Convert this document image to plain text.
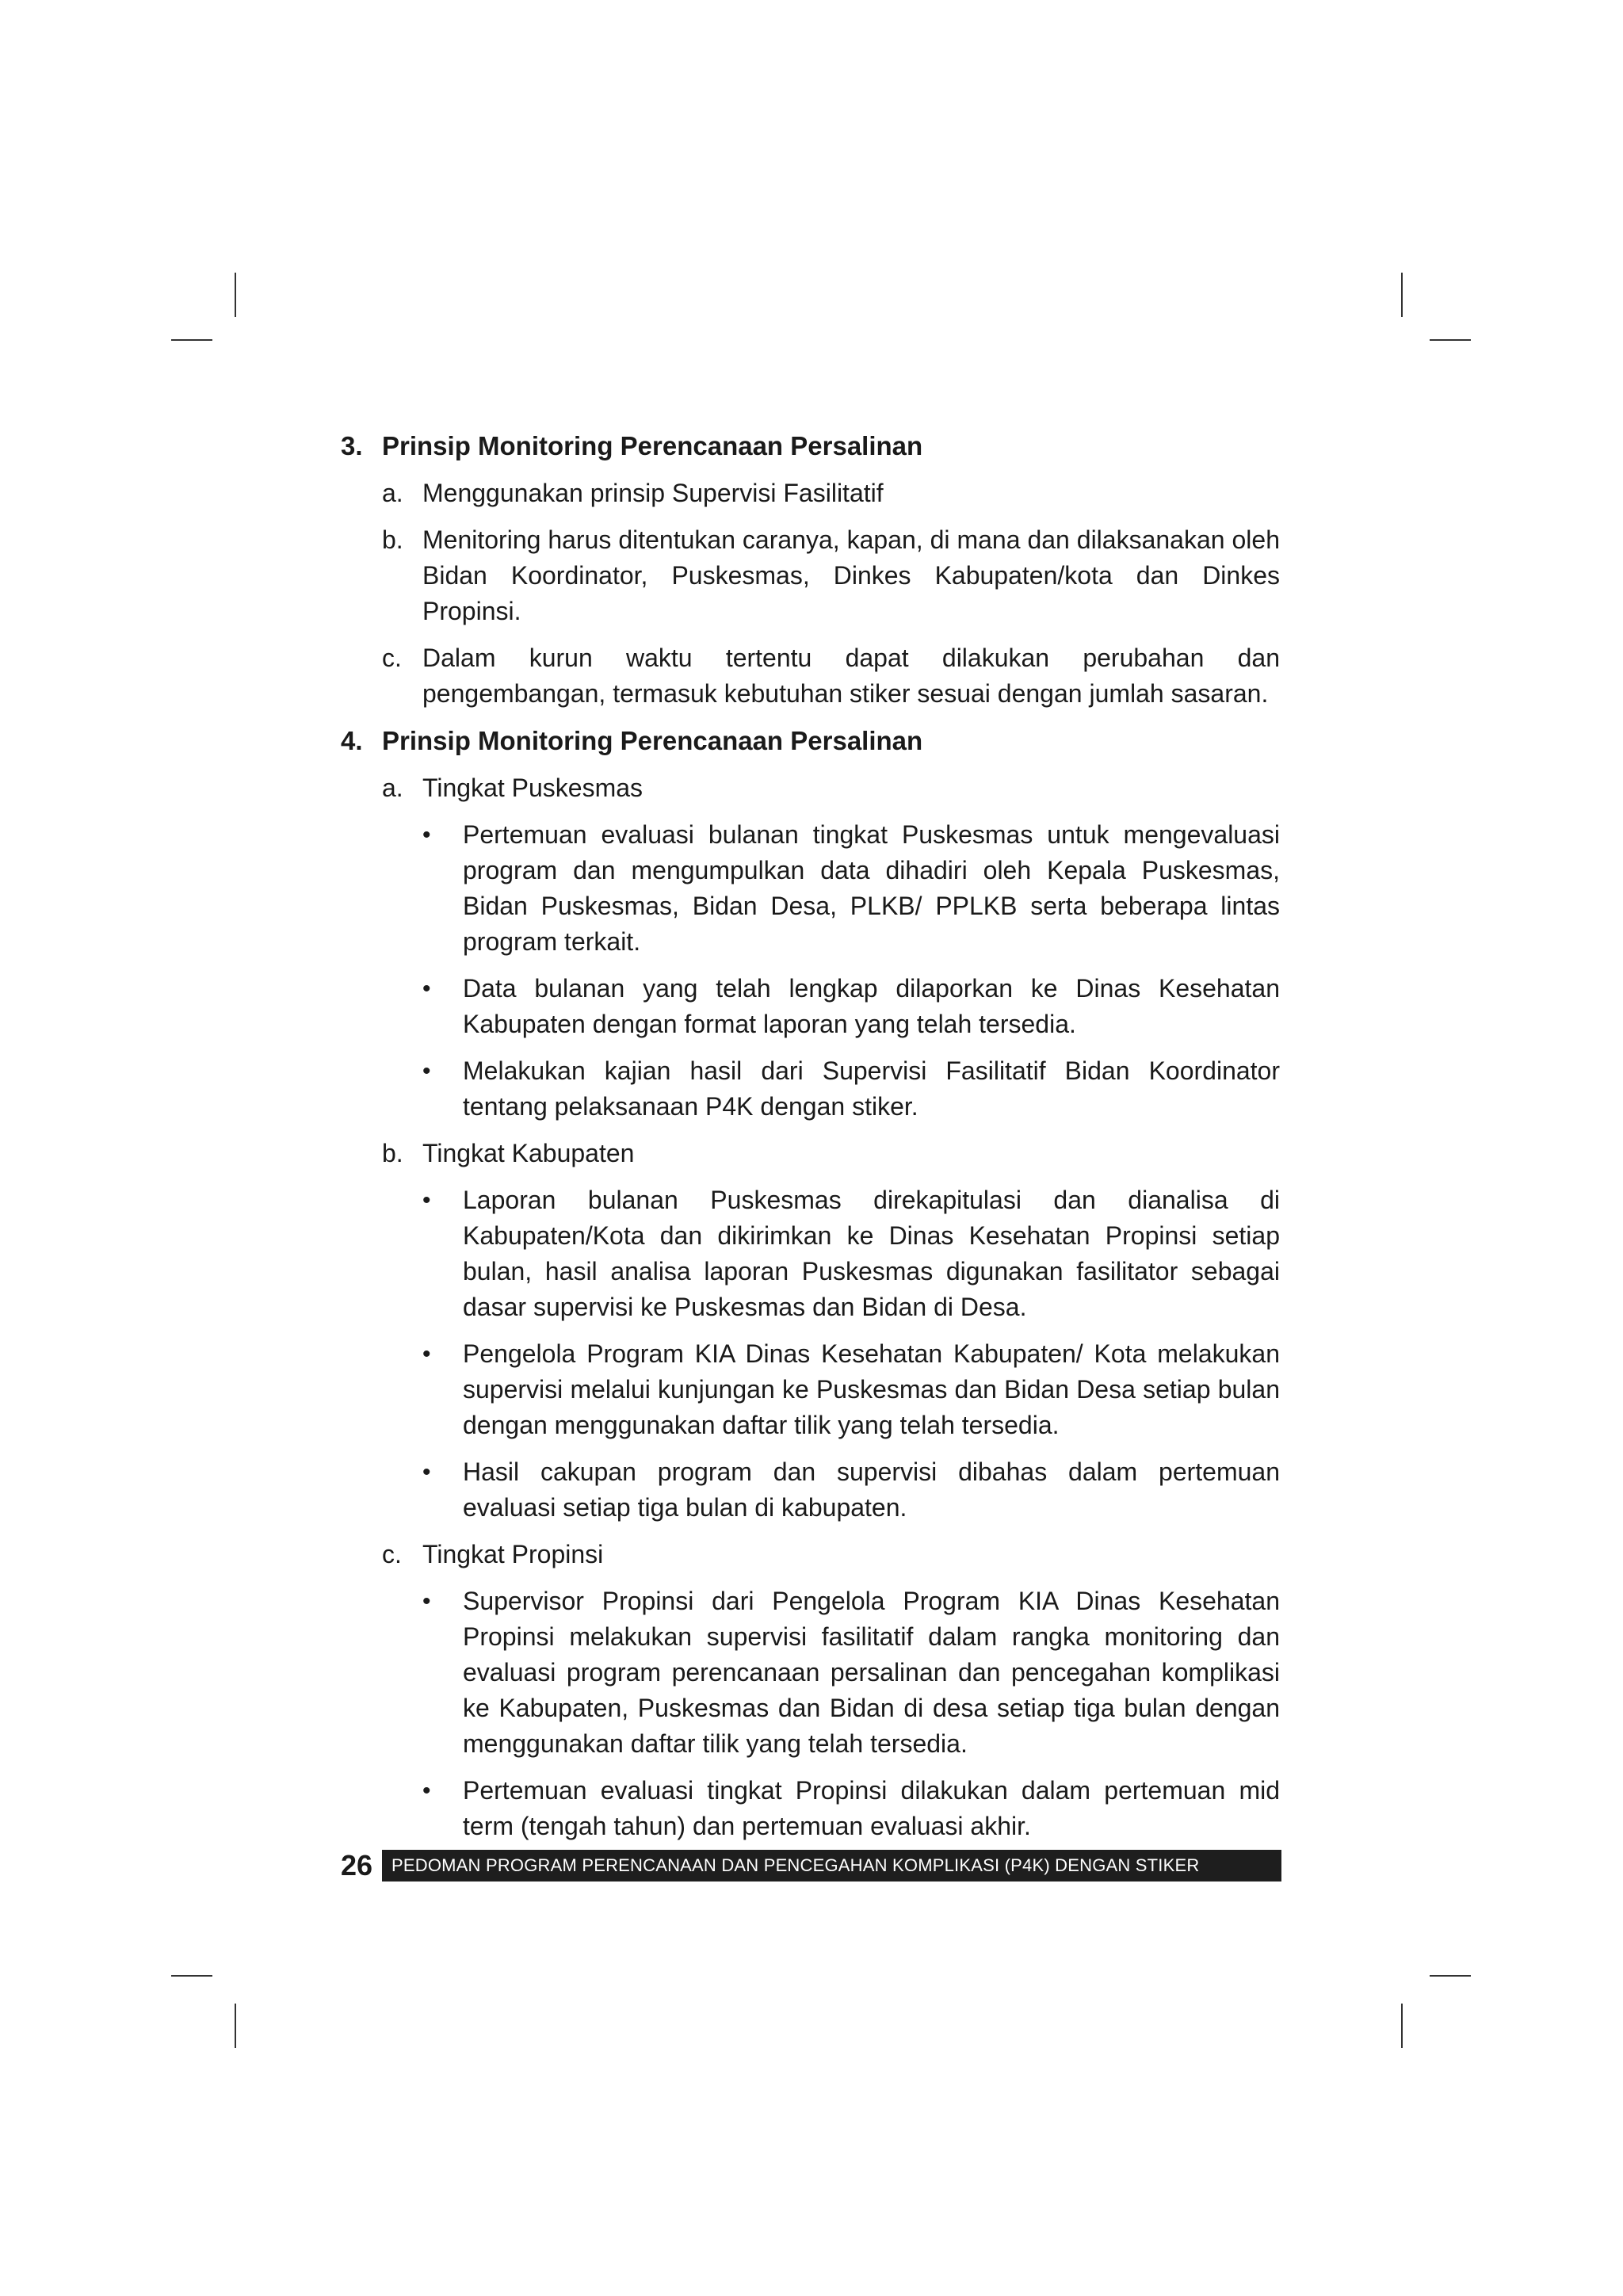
3. Prinsip Monitoring Perencanaan Persalinan
a. Menggunakan prinsip Supervisi Fasilitatif
b. Menitoring harus ditentukan caranya, kapan, di mana dan dilaksanakan oleh Bidan Koordinator, Puskesmas, Dinkes Kabupaten/kota dan Dinkes Propinsi.
c. Dalam kurun waktu tertentu dapat dilakukan perubahan dan pengembangan, termasuk kebutuhan stiker sesuai dengan jumlah sasaran.
4. Prinsip Monitoring Perencanaan Persalinan
a. Tingkat Puskesmas
•	Pertemuan evaluasi bulanan tingkat Puskesmas untuk mengevaluasi program dan mengumpulkan data dihadiri oleh Kepala Puskesmas, Bidan Puskesmas, Bidan Desa, PLKB/ PPLKB serta beberapa lintas program terkait.
•	Data bulanan yang telah lengkap dilaporkan ke Dinas Kesehatan Kabupaten dengan format laporan yang telah tersedia.
•	Melakukan kajian hasil dari Supervisi Fasilitatif Bidan Koordinator tentang pelaksanaan P4K dengan stiker.
b. Tingkat Kabupaten
•	Laporan bulanan Puskesmas direkapitulasi dan dianalisa di Kabupaten/Kota dan dikirimkan ke Dinas Kesehatan Propinsi setiap bulan, hasil analisa laporan Puskesmas digunakan fasilitator sebagai dasar supervisi ke Puskesmas dan Bidan di Desa.
•	Pengelola Program KIA Dinas Kesehatan Kabupaten/ Kota melakukan supervisi melalui kunjungan ke Puskesmas dan Bidan Desa setiap bulan dengan menggunakan daftar tilik yang telah tersedia.
•	Hasil cakupan program dan supervisi dibahas dalam pertemuan evaluasi setiap tiga bulan di kabupaten.
c. Tingkat Propinsi
•	Supervisor Propinsi dari Pengelola Program KIA Dinas Kesehatan Propinsi melakukan supervisi fasilitatif dalam rangka monitoring dan evaluasi program perencanaan persalinan dan pencegahan komplikasi ke Kabupaten, Puskesmas dan Bidan di desa setiap tiga bulan dengan menggunakan daftar tilik yang telah tersedia.
•	Pertemuan evaluasi tingkat Propinsi dilakukan dalam pertemuan mid term (tengah tahun) dan pertemuan evaluasi akhir.
26	PEDOMAN PROGRAM PERENCANAAN DAN PENCEGAHAN KOMPLIKASI (P4K) DENGAN STIKER
